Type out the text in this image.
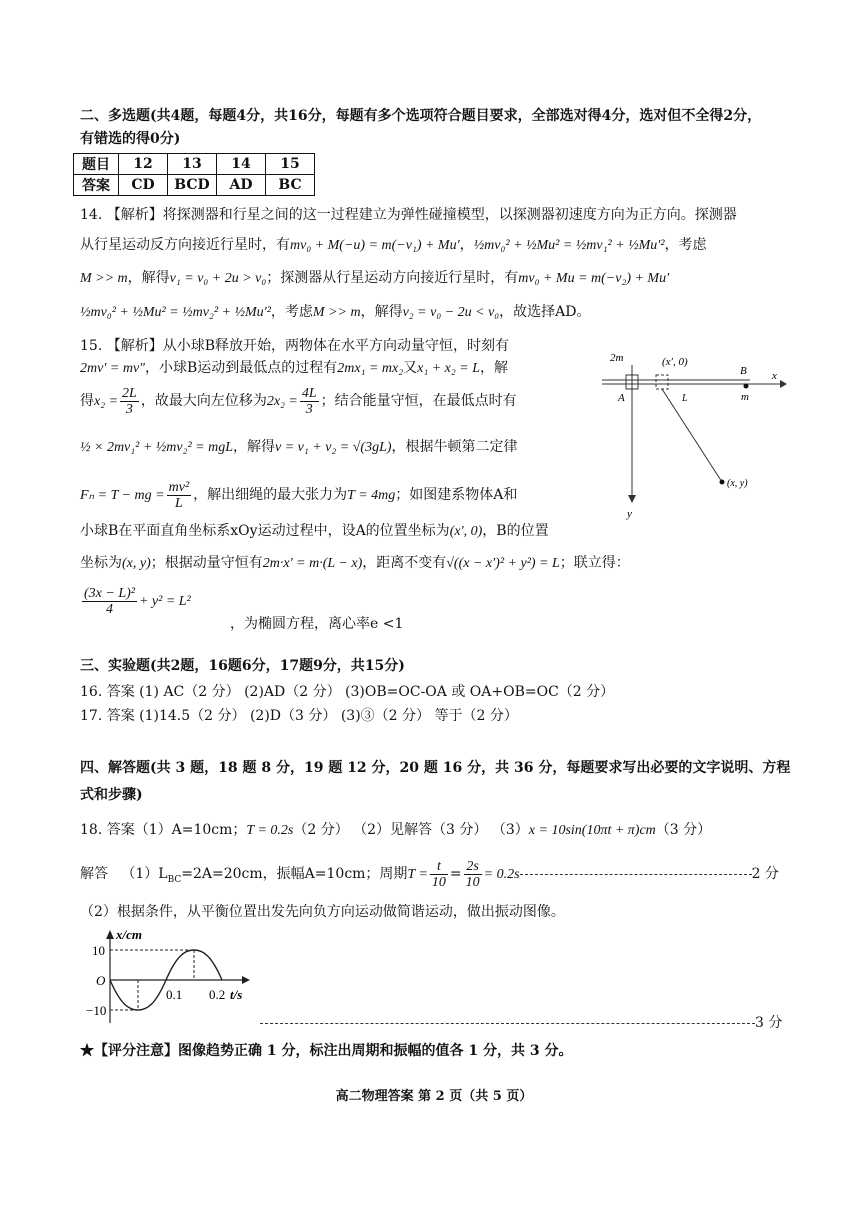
二、多选题(共4题，每题4分，共16分，每题有多个选项符合题目要求，全部选对得4分，选对但不全得2分，
有错选的得0分)
题目	12	13	14	15
答案	CD	BCD	AD	BC
14. 【解析】将探测器和行星之间的这一过程建立为弹性碰撞模型，以探测器初速度方向为正方向。探测器
从行星运动反方向接近行星时，有mv₀ + M(−u) = m(−v₁) + Mu′，½mv₀² + ½Mu² = ½mv₁² + ½Mu′²，考虑
M >> m，解得v₁ = v₀ + 2u > v₀；探测器从行星运动方向接近行星时，有mv₀ + Mu = m(−v₂) + Mu′
½mv₀² + ½Mu² = ½mv₂² + ½Mu′²，考虑M >> m，解得v₂ = v₀ − 2u < v₀，故选择AD。
15. 【解析】从小球B释放开始，两物体在水平方向动量守恒，时刻有
2mv′ = mv″，小球B运动到最低点的过程有2mx₁ = mx₂又x₁ + x₂ = L，解
得$x_2 = \frac{2L}{3}$ ，故最大向左位移为$2x_2 = \frac{4L}{3}$ ；结合能量守恒，在最低点时有
½ × 2mv₁² + ½mv₂² = mgL，解得v = v₁ + v₂ = √(3gL)，根据牛顿第二定律
Fₙ = T − mg = $\frac{\text{mv²}}{L}$ ，解出细绳的最大张力为T = 4mg；如图建系物体A和
小球B在平面直角坐标系xOy运动过程中，设A的位置坐标为(x′, 0)，B的位置
坐标为(x, y)；根据动量守恒有2m·x′ = m·(L − x)，距离不变有√((x − x′)² + y²) = L；联立得：
$\frac{\text{(3x − L)²}}{4} + y^2 = L^2$
，为椭圆方程，离心率e <1
2m
A
(x′, 0)
L
B
m
x
y
(x, y)
三、实验题(共2题，16题6分，17题9分，共15分)
16. 答案 (1) AC（2 分） (2)AD（2 分） (3)OB=OC-OA 或 OA+OB=OC（2 分）
17. 答案 (1)14.5（2 分） (2)D（3 分） (3)③（2 分） 等于（2 分）
四、解答题(共 3 题，18 题 8 分，19 题 12 分，20 题 16 分，共 36 分，每题要求写出必要的文字说明、方程
式和步骤)
18. 答案（1）A=10cm；T = 0.2s（2 分） （2）见解答（3 分） （3）x = 10sin(10πt + π)cm（3 分）
解答 $(1)L_{BC}=2A=20cm$，振幅A=10cm；周期$T = \frac{t}{10} = \frac{2s}{10} = 0.2s$	2 分
（2）根据条件，从平衡位置出发先向负方向运动做简谐运动，做出振动图像。
x/cm
10
O
−10
0.1 0.2 t/s
3 分
★【评分注意】图像趋势正确 1 分，标注出周期和振幅的值各 1 分，共 3 分。
高二物理答案 第 2 页（共 5 页）
